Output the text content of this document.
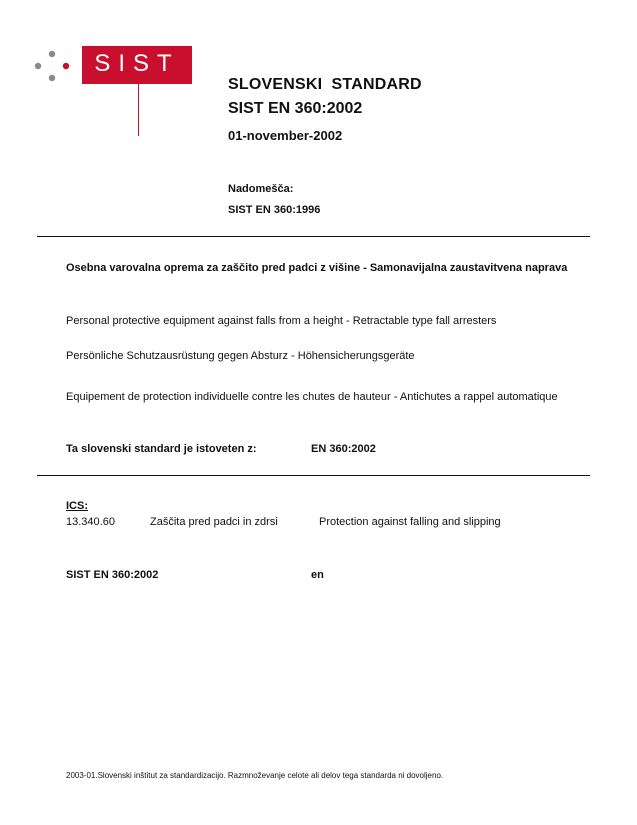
SIST
SLOVENSKI  STANDARD
SIST EN 360:2002
01-november-2002
Nadomešča:
SIST EN 360:1996
Osebna varovalna oprema za zaščito pred padci z višine - Samonavijalna zaustavitvena naprava
Personal protective equipment against falls from a height - Retractable type fall arresters
Persönliche Schutzausrüstung gegen Absturz - Höhensicherungsgeräte
Equipement de protection individuelle contre les chutes de hauteur - Antichutes a rappel automatique
Ta slovenski standard je istoveten z:	EN 360:2002
ICS:
13.340.60	Zaščita pred padci in zdrsi	Protection against falling and slipping
SIST EN 360:2002	en
2003-01.Slovenski inštitut za standardizacijo. Razmnoževanje celote ali delov tega standarda ni dovoljeno.
